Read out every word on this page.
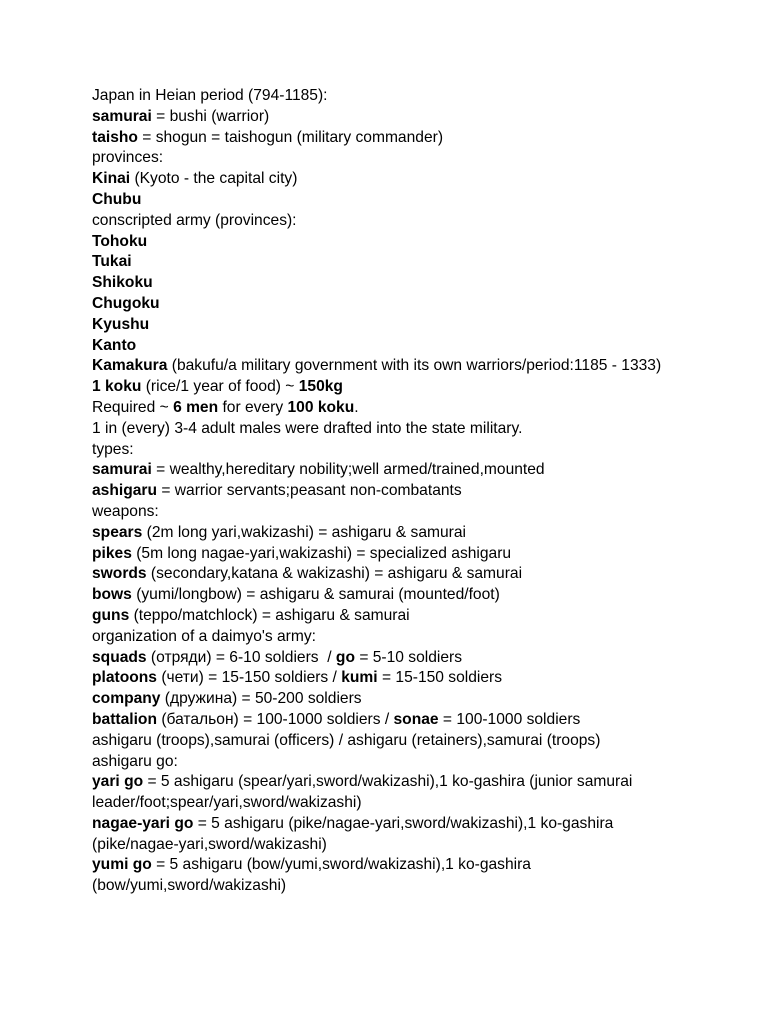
Japan in Heian period (794-1185):

samurai = bushi (warrior)

taisho = shogun = taishogun (military commander)

provinces:

Kinai (Kyoto - the capital city)

Chubu

conscripted army (provinces):

Tohoku

Tukai

Shikoku

Chugoku

Kyushu

Kanto

Kamakura (bakufu/a military government with its own warriors/period:1185 - 1333)

1 koku (rice/1 year of food) ~ 150kg

Required ~ 6 men for every 100 koku.

1 in (every) 3-4 adult males were drafted into the state military.

types:

samurai = wealthy,hereditary nobility;well armed/trained,mounted

ashigaru = warrior servants;peasant non-combatants

weapons:

spears (2m long yari,wakizashi) = ashigaru & samurai

pikes (5m long nagae-yari,wakizashi) = specialized ashigaru

swords (secondary,katana & wakizashi) = ashigaru & samurai

bows (yumi/longbow) = ashigaru & samurai (mounted/foot)

guns (teppo/matchlock) = ashigaru & samurai

organization of a daimyo's army:

squads (отряди) = 6-10 soldiers  / go = 5-10 soldiers

platoons (чети) = 15-150 soldiers / kumi = 15-150 soldiers

company (дружина) = 50-200 soldiers

battalion (батальон) = 100-1000 soldiers / sonae = 100-1000 soldiers

ashigaru (troops),samurai (officers) / ashigaru (retainers),samurai (troops)

ashigaru go:

yari go = 5 ashigaru (spear/yari,sword/wakizashi),1 ko-gashira (junior samurai leader/foot;spear/yari,sword/wakizashi)

nagae-yari go = 5 ashigaru (pike/nagae-yari,sword/wakizashi),1 ko-gashira (pike/nagae-yari,sword/wakizashi)

yumi go = 5 ashigaru (bow/yumi,sword/wakizashi),1 ko-gashira (bow/yumi,sword/wakizashi)
